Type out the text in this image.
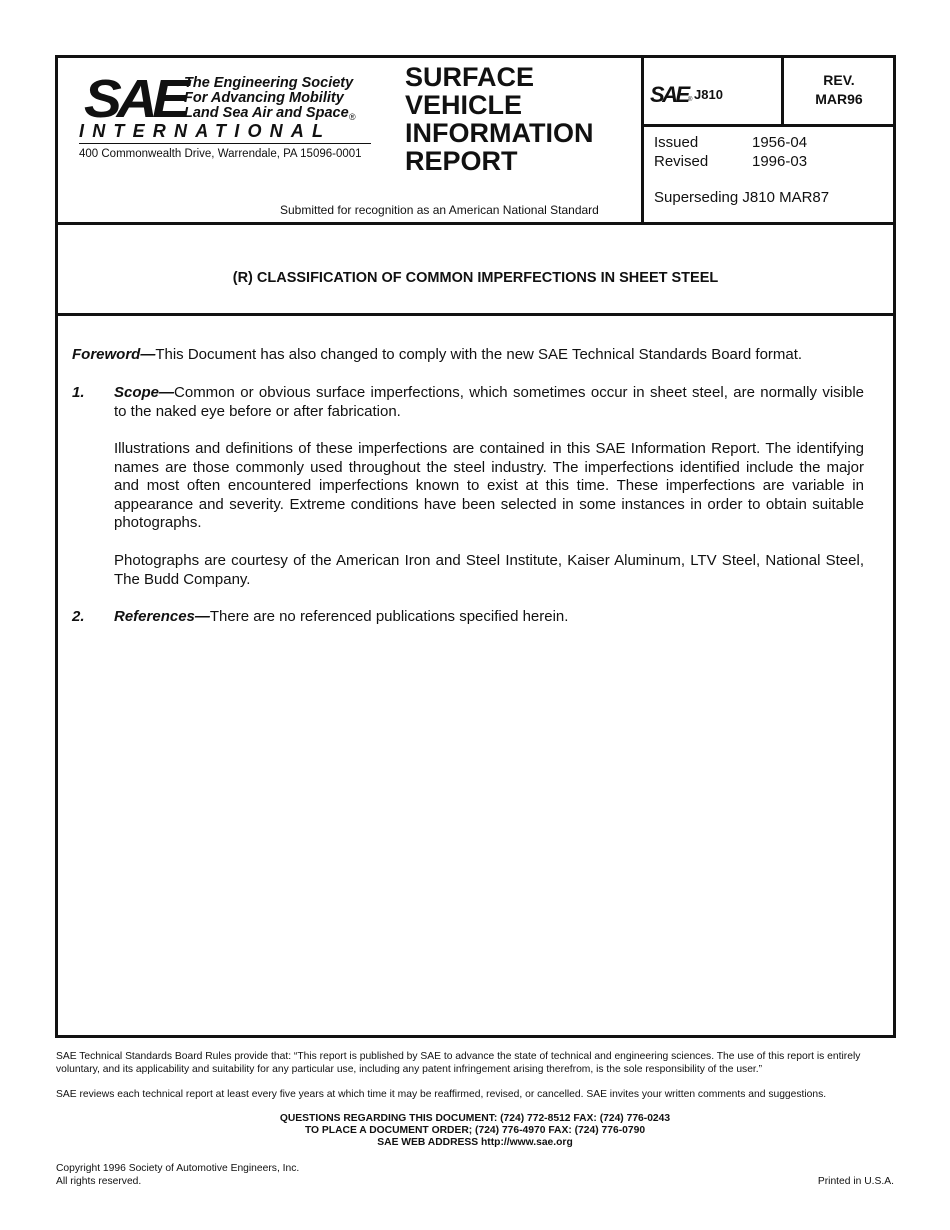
SAE The Engineering Society
For Advancing Mobility
Land Sea Air and Space ®
INTERNATIONAL
400 Commonwealth Drive, Warrendale, PA 15096-0001
SURFACE
VEHICLE
INFORMATION
REPORT
Submitted for recognition as an American National Standard
SAE ® J810
REV.
MAR96
Issued	1956-04
Revised	1996-03
Superseding J810 MAR87
(R) CLASSIFICATION OF COMMON IMPERFECTIONS IN SHEET STEEL
Foreword—This Document has also changed to comply with the new SAE Technical Standards Board format.
1. Scope—Common or obvious surface imperfections, which sometimes occur in sheet steel, are normally visible to the naked eye before or after fabrication.
Illustrations and definitions of these imperfections are contained in this SAE Information Report. The identifying names are those commonly used throughout the steel industry. The imperfections identified include the major and most often encountered imperfections known to exist at this time. These imperfections are variable in appearance and severity. Extreme conditions have been selected in some instances in order to obtain suitable photographs.
Photographs are courtesy of the American Iron and Steel Institute, Kaiser Aluminum, LTV Steel, National Steel, The Budd Company.
2. References—There are no referenced publications specified herein.
SAE Technical Standards Board Rules provide that: “This report is published by SAE to advance the state of technical and engineering sciences. The use of this report is entirely voluntary, and its applicability and suitability for any particular use, including any patent infringement arising therefrom, is the sole responsibility of the user.”
SAE reviews each technical report at least every five years at which time it may be reaffirmed, revised, or cancelled. SAE invites your written comments and suggestions.
QUESTIONS REGARDING THIS DOCUMENT: (724) 772-8512 FAX: (724) 776-0243
TO PLACE A DOCUMENT ORDER; (724) 776-4970 FAX: (724) 776-0790
SAE WEB ADDRESS http://www.sae.org
Copyright 1996 Society of Automotive Engineers, Inc.
All rights reserved.	Printed in U.S.A.
